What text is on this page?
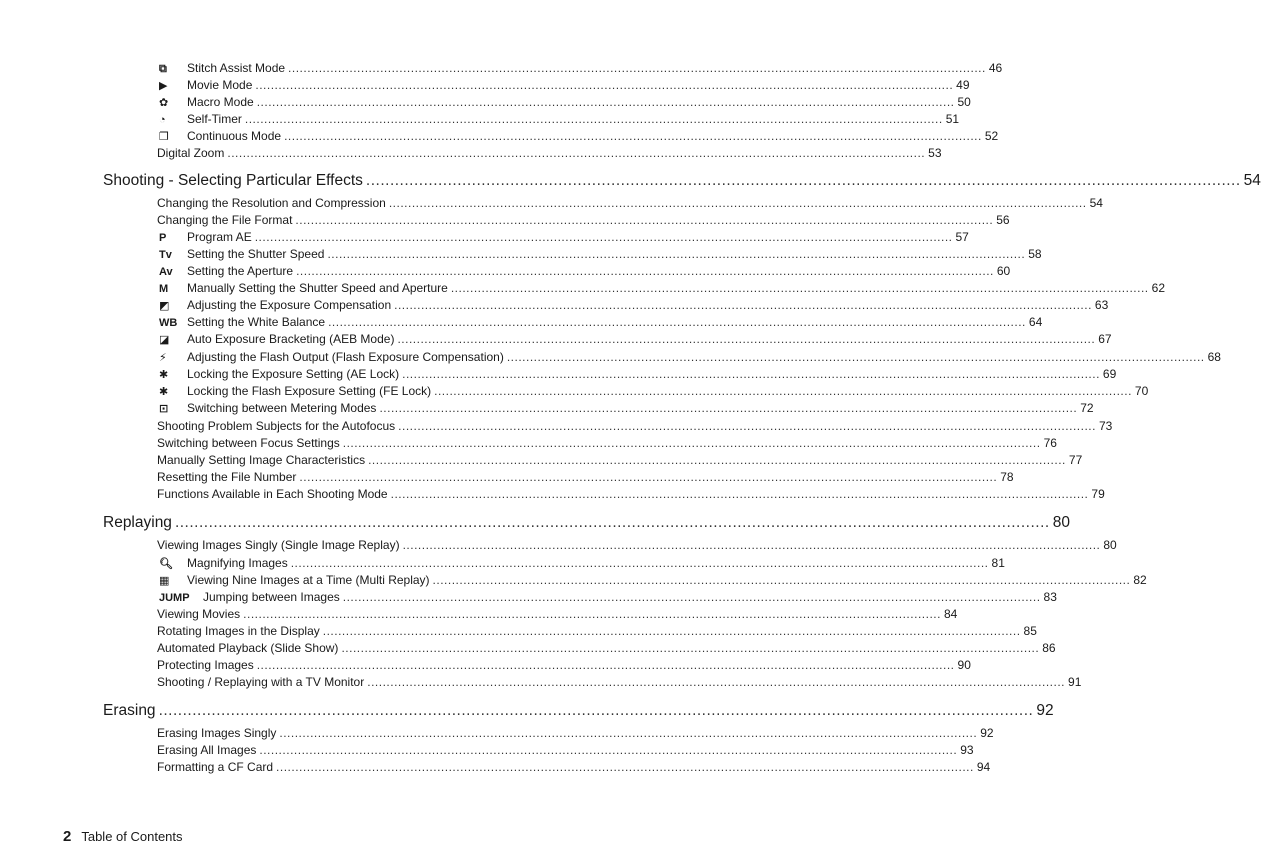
⧉	Stitch Assist Mode .....	46
▶	Movie Mode .....	49
✿	Macro Mode .....	50
◔	Self-Timer .....	51
❐	Continuous Mode .....	52
Digital Zoom .....	53
Shooting - Selecting Particular Effects .....	54
Changing the Resolution and Compression .....	54
Changing the File Format .....	56
P	Program AE .....	57
Tv	Setting the Shutter Speed .....	58
Av	Setting the Aperture .....	60
M	Manually Setting the Shutter Speed and Aperture .....	62
◩	Adjusting the Exposure Compensation .....	63
WB Setting the White Balance .....	64
◪	Auto Exposure Bracketing (AEB Mode) .....	67
⚡	Adjusting the Flash Output (Flash Exposure Compensation) .....	68
✱	Locking the Exposure Setting (AE Lock) .....	69
✱	Locking the Flash Exposure Setting (FE Lock) .....	70
⊡	Switching between Metering Modes .....	72
Shooting Problem Subjects for the Autofocus .....	73
Switching between Focus Settings .....	76
Manually Setting Image Characteristics .....	77
Resetting the File Number .....	78
Functions Available in Each Shooting Mode .....	79
Replaying .....	80
Viewing Images Singly (Single Image Replay) .....	80
🔍︎	Magnifying Images .....	81
▦	Viewing Nine Images at a Time (Multi Replay) .....	82
JUMP	Jumping between Images .....	83
Viewing Movies .....	84
Rotating Images in the Display .....	85
Automated Playback (Slide Show) .....	86
Protecting Images .....	90
Shooting / Replaying with a TV Monitor .....	91
Erasing .....	92
Erasing Images Singly .....	92
Erasing All Images .....	93
Formatting a CF Card .....	94
2 Table of Contents
